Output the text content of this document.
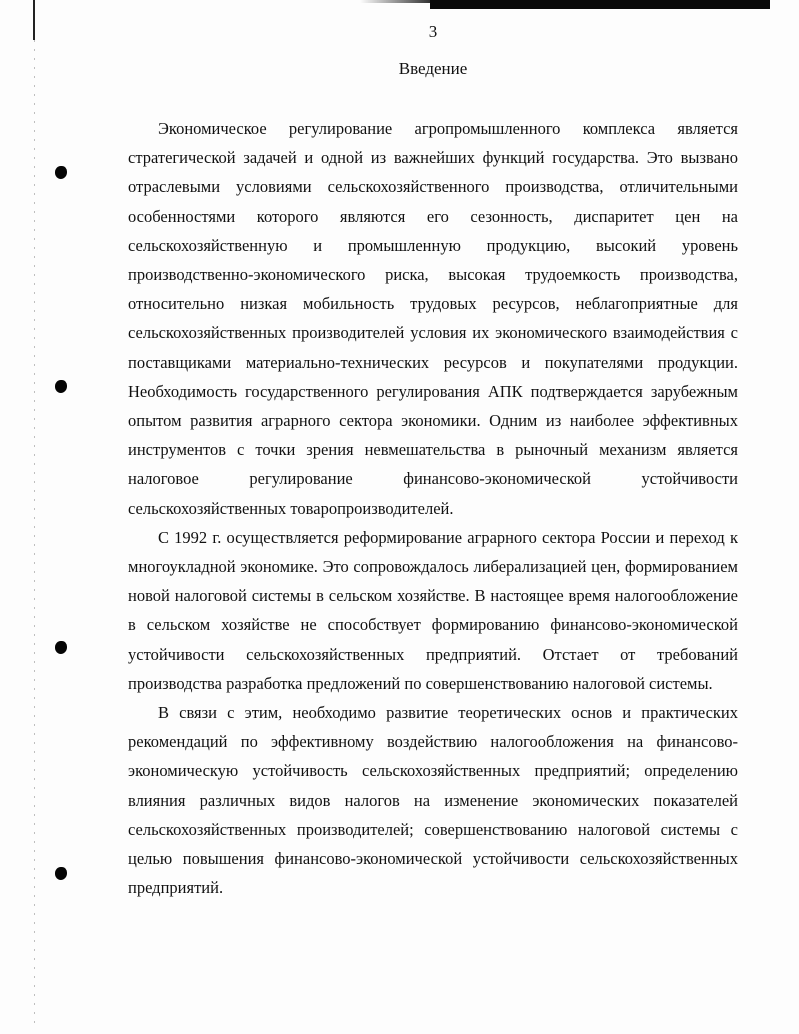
3
Введение

Экономическое регулирование агропромышленного комплекса является стратегической задачей и одной из важнейших функций государства. Это вызвано отраслевыми условиями сельскохозяйственного производства, отличительными особенностями которого являются его сезонность, диспаритет цен на сельскохозяйственную и промышленную продукцию, высокий уровень производственно-экономического риска, высокая трудоемкость производства, относительно низкая мобильность трудовых ресурсов, неблагоприятные для сельскохозяйственных производителей условия их экономического взаимодействия с поставщиками материально-технических ресурсов и покупателями продукции. Необходимость государственного регулирования АПК подтверждается зарубежным опытом развития аграрного сектора экономики. Одним из наиболее эффективных инструментов с точки зрения невмешательства в рыночный механизм является налоговое регулирование финансово-экономической устойчивости сельскохозяйственных товаропроизводителей.

С 1992 г. осуществляется реформирование аграрного сектора России и переход к многоукладной экономике. Это сопровождалось либерализацией цен, формированием новой налоговой системы в сельском хозяйстве. В настоящее время налогообложение в сельском хозяйстве не способствует формированию финансово-экономической устойчивости сельскохозяйственных предприятий. Отстает от требований производства разработка предложений по совершенствованию налоговой системы.

В связи с этим, необходимо развитие теоретических основ и практических рекомендаций по эффективному воздействию налогообложения на финансово-экономическую устойчивость сельскохозяйственных предприятий; определению влияния различных видов налогов на изменение экономических показателей сельскохозяйственных производителей; совершенствованию налоговой системы с целью повышения финансово-экономической устойчивости сельскохозяйственных предприятий.
